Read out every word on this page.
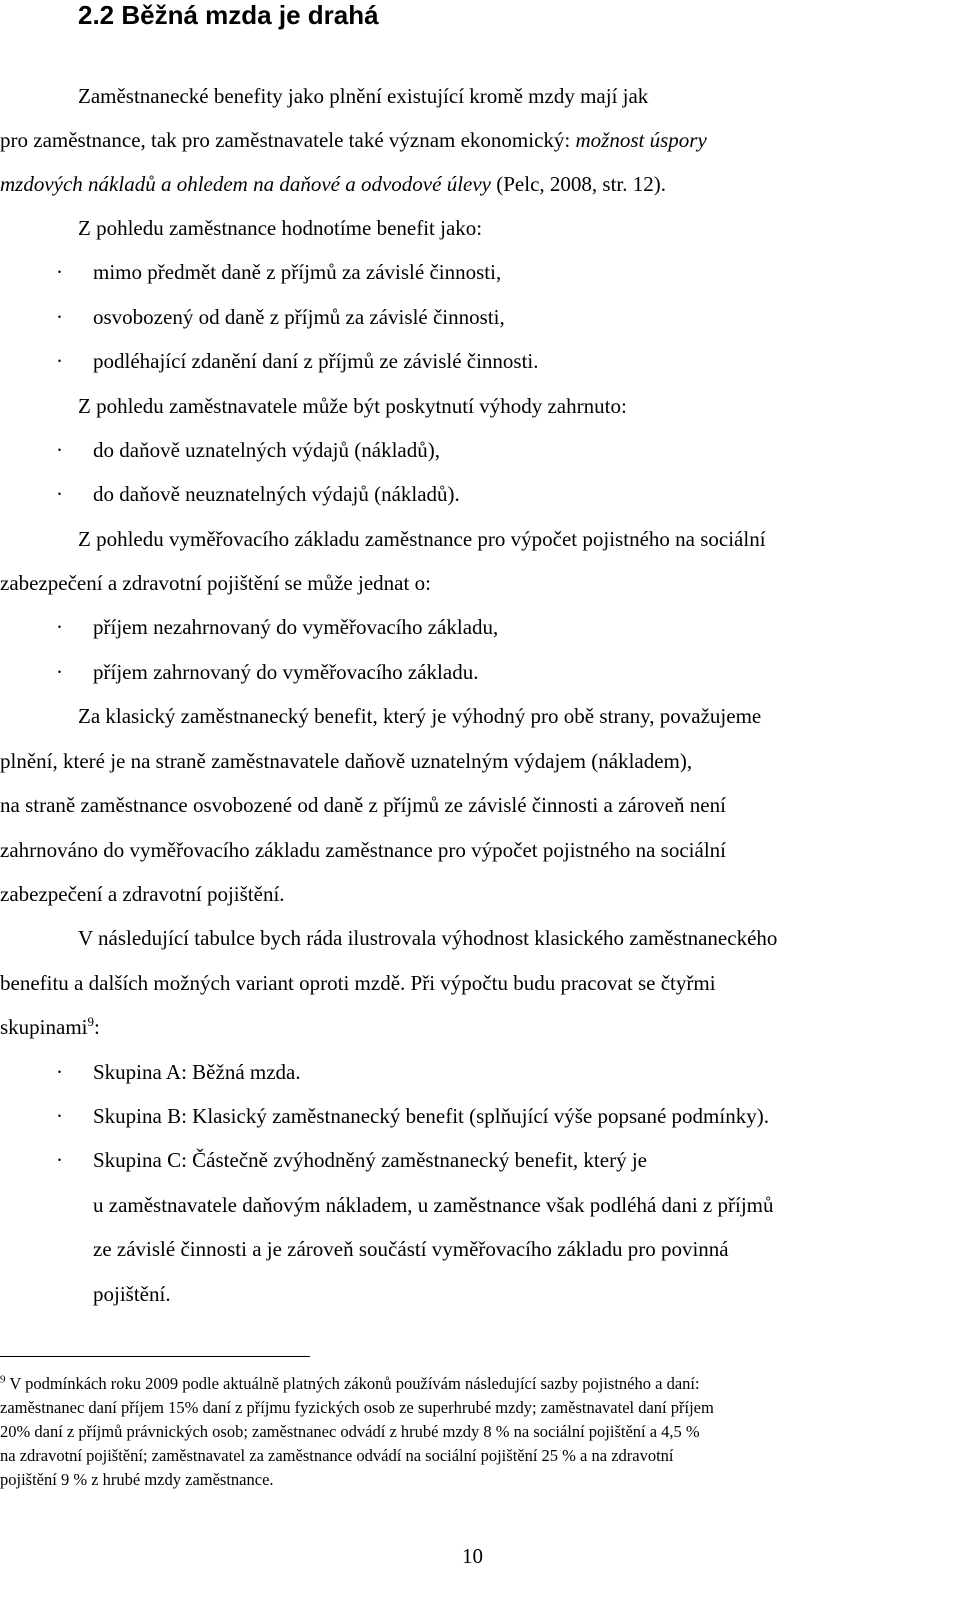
2.2 Běžná mzda je drahá
Zaměstnanecké benefity jako plnění existující kromě mzdy mají jak
pro zaměstnance, tak pro zaměstnavatele také význam ekonomický: možnost úspory
mzdových nákladů a ohledem na daňové a odvodové úlevy (Pelc, 2008, str. 12).
Z pohledu zaměstnance hodnotíme benefit jako:
· mimo předmět daně z příjmů za závislé činnosti,
· osvobozený od daně z příjmů za závislé činnosti,
· podléhající zdanění daní z příjmů ze závislé činnosti.
Z pohledu zaměstnavatele může být poskytnutí výhody zahrnuto:
· do daňově uznatelných výdajů (nákladů),
· do daňově neuznatelných výdajů (nákladů).
Z pohledu vyměřovacího základu zaměstnance pro výpočet pojistného na sociální
zabezpečení a zdravotní pojištění se může jednat o:
· příjem nezahrnovaný do vyměřovacího základu,
· příjem zahrnovaný do vyměřovacího základu.
Za klasický zaměstnanecký benefit, který je výhodný pro obě strany, považujeme
plnění, které je na straně zaměstnavatele daňově uznatelným výdajem (nákladem),
na straně zaměstnance osvobozené od daně z příjmů ze závislé činnosti a zároveň není
zahrnováno do vyměřovacího základu zaměstnance pro výpočet pojistného na sociální
zabezpečení a zdravotní pojištění.
V následující tabulce bych ráda ilustrovala výhodnost klasického zaměstnaneckého
benefitu a dalších možných variant oproti mzdě. Při výpočtu budu pracovat se čtyřmi
skupinami$^9$:
· Skupina A: Běžná mzda.
· Skupina B: Klasický zaměstnanecký benefit (splňující výše popsané podmínky).
· Skupina C: Částečně zvýhodněný zaměstnanecký benefit, který je
u zaměstnavatele daňovým nákladem, u zaměstnance však podléhá dani z příjmů
ze závislé činnosti a je zároveň součástí vyměřovacího základu pro povinná
pojištění.
$^9$ V podmínkách roku 2009 podle aktuálně platných zákonů používám následující sazby pojistného a daní:
zaměstnanec daní příjem 15% daní z příjmu fyzických osob ze superhrubé mzdy; zaměstnavatel daní příjem
20% daní z příjmů právnických osob; zaměstnanec odvádí z hrubé mzdy 8 % na sociální pojištění a 4,5 %
na zdravotní pojištění; zaměstnavatel za zaměstnance odvádí na sociální pojištění 25 % a na zdravotní
pojištění 9 % z hrubé mzdy zaměstnance.
10
